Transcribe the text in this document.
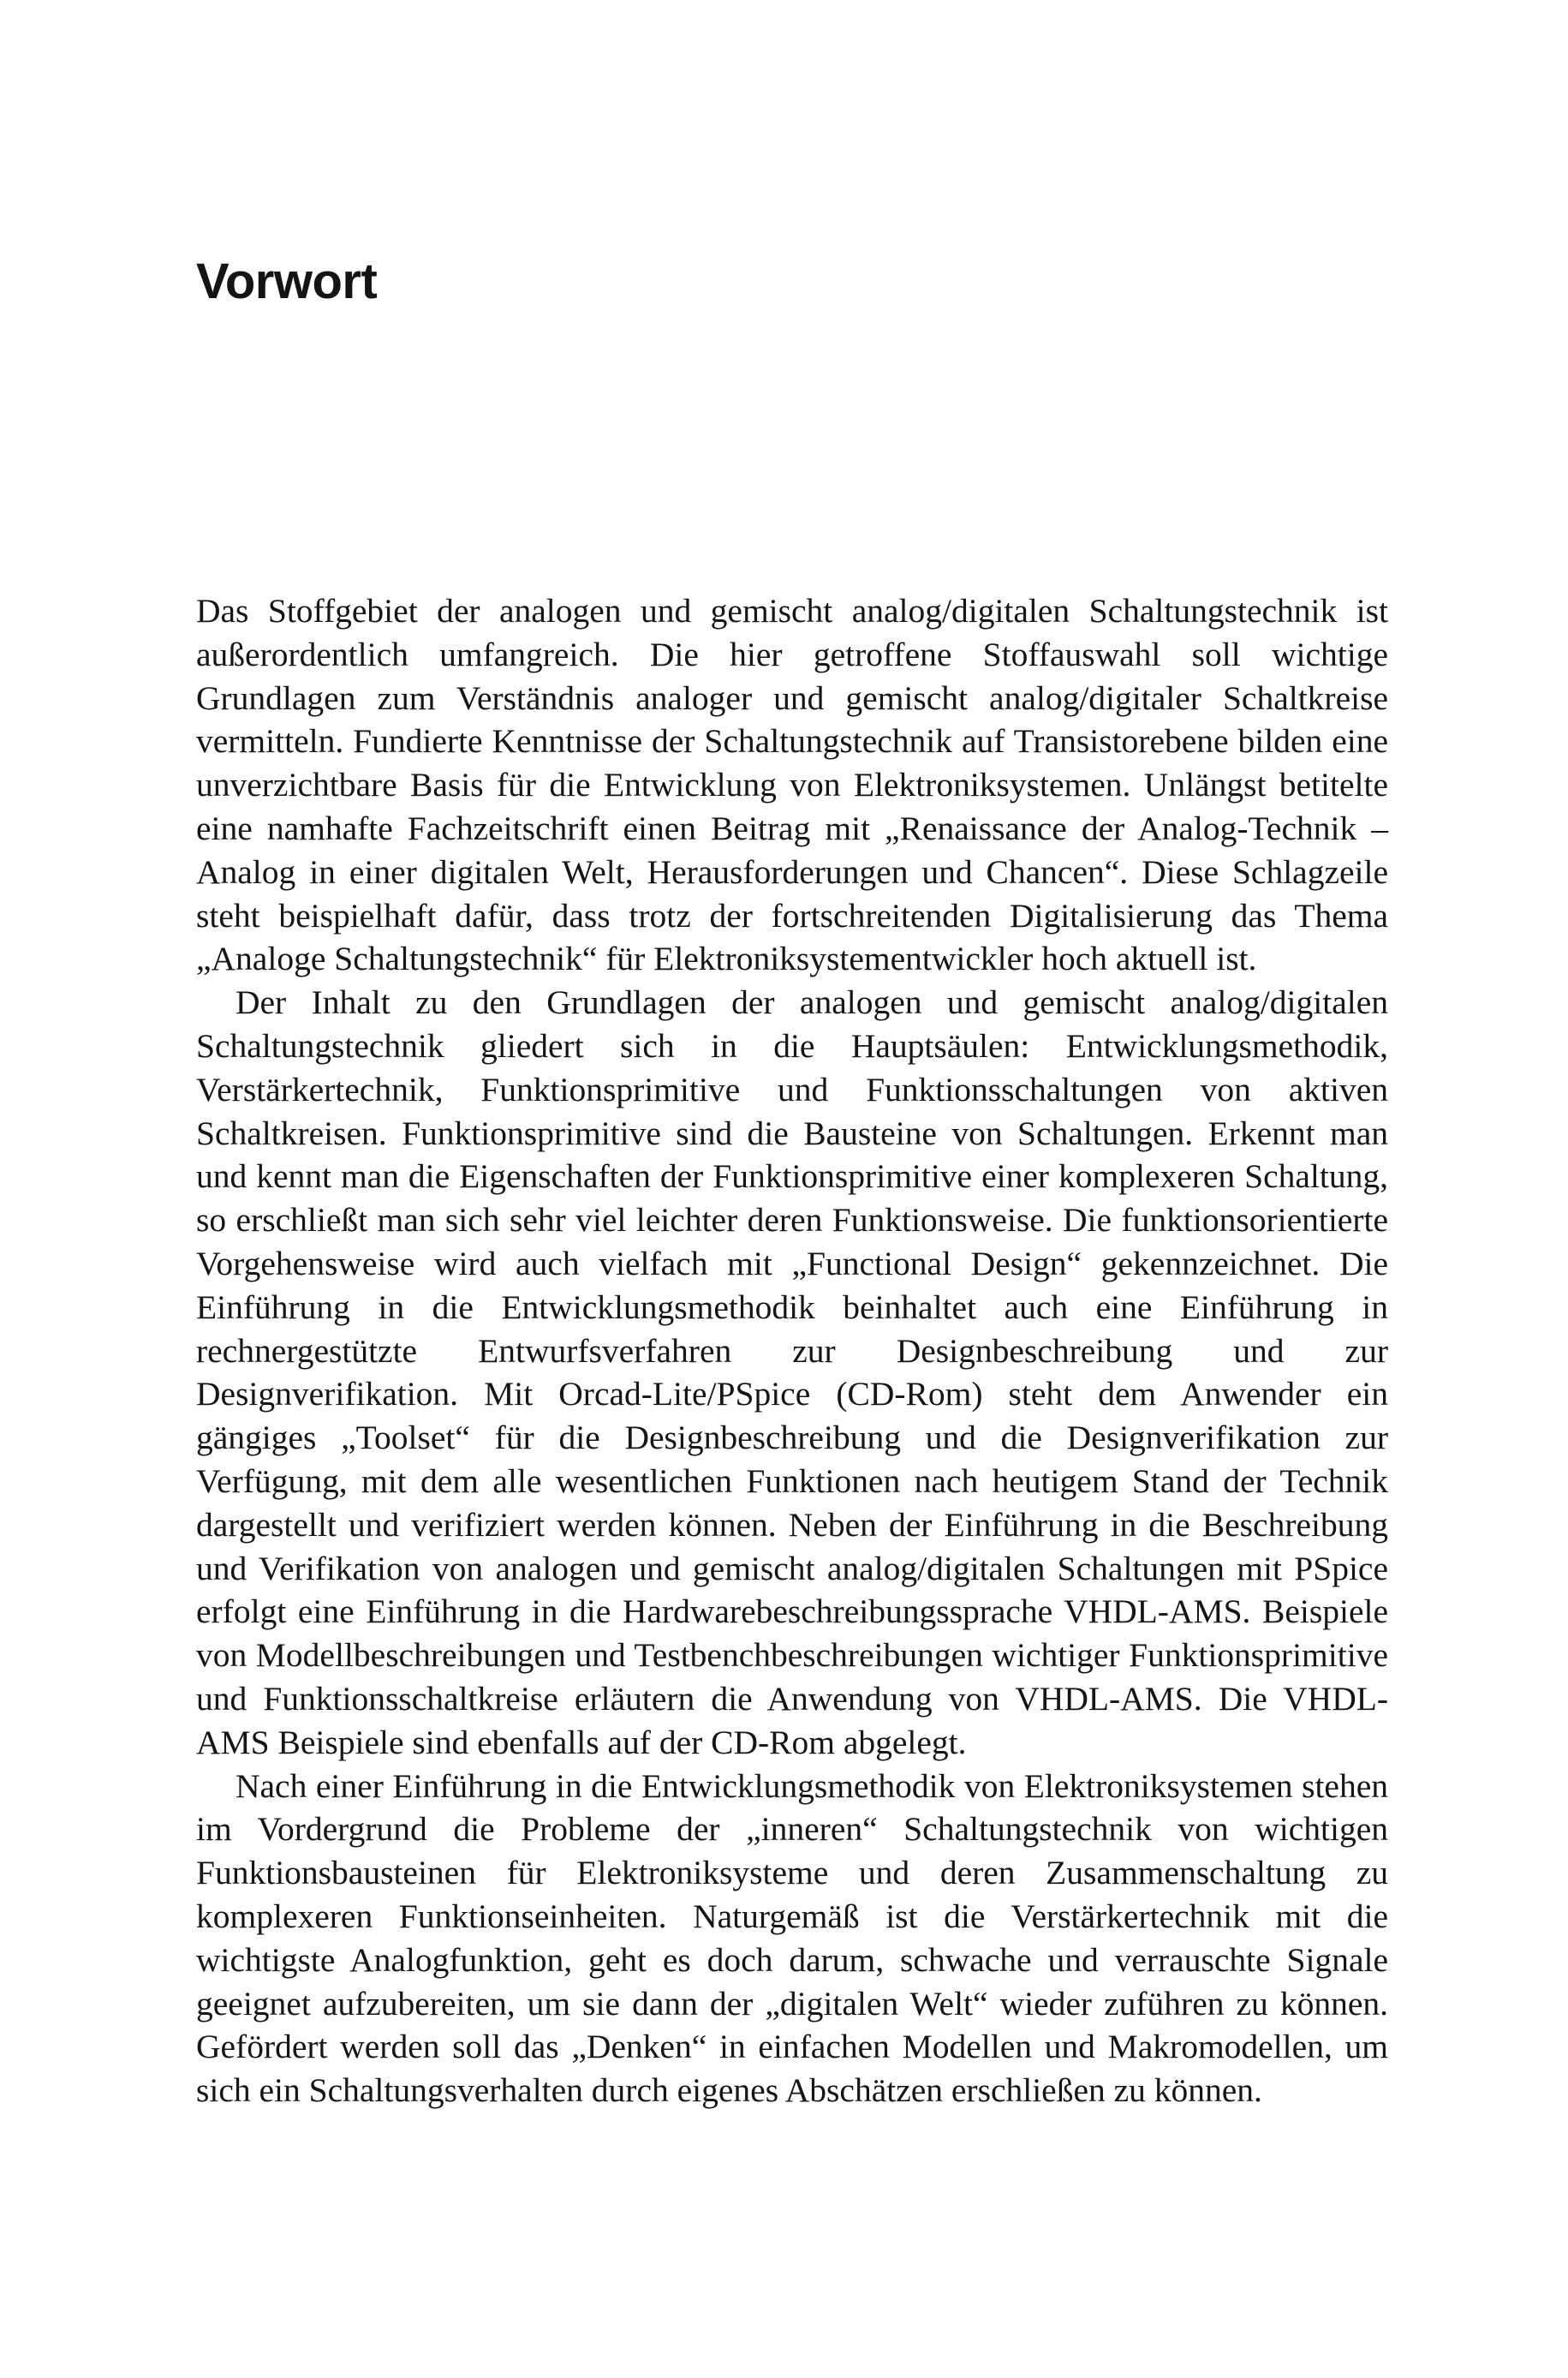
Vorwort

Das Stoffgebiet der analogen und gemischt analog/digitalen Schaltungstechnik ist außerordentlich umfangreich. Die hier getroffene Stoffauswahl soll wichtige Grundlagen zum Verständnis analoger und gemischt analog/digitaler Schaltkreise vermitteln. Fundierte Kenntnisse der Schaltungstechnik auf Transistorebene bilden eine unverzichtbare Basis für die Entwicklung von Elektroniksystemen. Unlängst betitelte eine namhafte Fachzeitschrift einen Beitrag mit „Renaissance der Analog-Technik – Analog in einer digitalen Welt, Herausforderungen und Chancen“. Diese Schlagzeile steht beispielhaft dafür, dass trotz der fortschreitenden Digitalisierung das Thema „Analoge Schaltungstechnik“ für Elektroniksystementwickler hoch aktuell ist.

Der Inhalt zu den Grundlagen der analogen und gemischt analog/digitalen Schaltungstechnik gliedert sich in die Hauptsäulen: Entwicklungsmethodik, Verstärkertechnik, Funktionsprimitive und Funktionsschaltungen von aktiven Schaltkreisen. Funktionsprimitive sind die Bausteine von Schaltungen. Erkennt man und kennt man die Eigenschaften der Funktionsprimitive einer komplexeren Schaltung, so erschließt man sich sehr viel leichter deren Funktionsweise. Die funktionsorientierte Vorgehensweise wird auch vielfach mit „Functional Design“ gekennzeichnet. Die Einführung in die Entwicklungsmethodik beinhaltet auch eine Einführung in rechnergestützte Entwurfsverfahren zur Designbeschreibung und zur Designverifikation. Mit Orcad-Lite/PSpice (CD-Rom) steht dem Anwender ein gängiges „Toolset“ für die Designbeschreibung und die Designverifikation zur Verfügung, mit dem alle wesentlichen Funktionen nach heutigem Stand der Technik dargestellt und verifiziert werden können. Neben der Einführung in die Beschreibung und Verifikation von analogen und gemischt analog/digitalen Schaltungen mit PSpice erfolgt eine Einführung in die Hardwarebeschreibungssprache VHDL-AMS. Beispiele von Modellbeschreibungen und Testbenchbeschreibungen wichtiger Funktionsprimitive und Funktionsschaltkreise erläutern die Anwendung von VHDL-AMS. Die VHDL-AMS Beispiele sind ebenfalls auf der CD-Rom abgelegt.

Nach einer Einführung in die Entwicklungsmethodik von Elektroniksystemen stehen im Vordergrund die Probleme der „inneren“ Schaltungstechnik von wichtigen Funktionsbausteinen für Elektroniksysteme und deren Zusammenschaltung zu komplexeren Funktionseinheiten. Naturgemäß ist die Verstärkertechnik mit die wichtigste Analogfunktion, geht es doch darum, schwache und verrauschte Signale geeignet aufzubereiten, um sie dann der „digitalen Welt“ wieder zuführen zu können. Gefördert werden soll das „Denken“ in einfachen Modellen und Makromodellen, um sich ein Schaltungsverhalten durch eigenes Abschätzen erschließen zu können.
